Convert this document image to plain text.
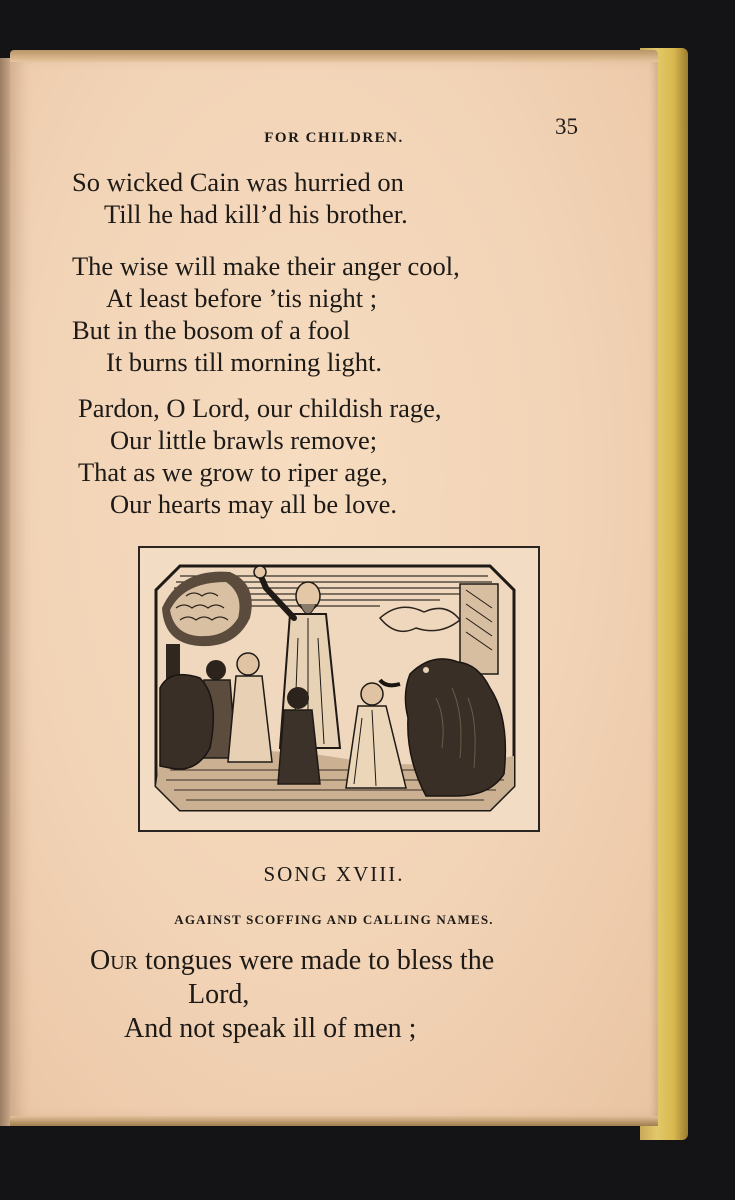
FOR CHILDREN.	35
So wicked Cain was hurried on
Till he had kill’d his brother.
The wise will make their anger cool,
At least before ’tis night ;
But in the bosom of a fool
It burns till morning light.
Pardon, O Lord, our childish rage,
Our little brawls remove;
That as we grow to riper age,
Our hearts may all be love.
SONG XVIII.
AGAINST SCOFFING AND CALLING NAMES.
Our tongues were made to bless the
Lord,
And not speak ill of men ;
